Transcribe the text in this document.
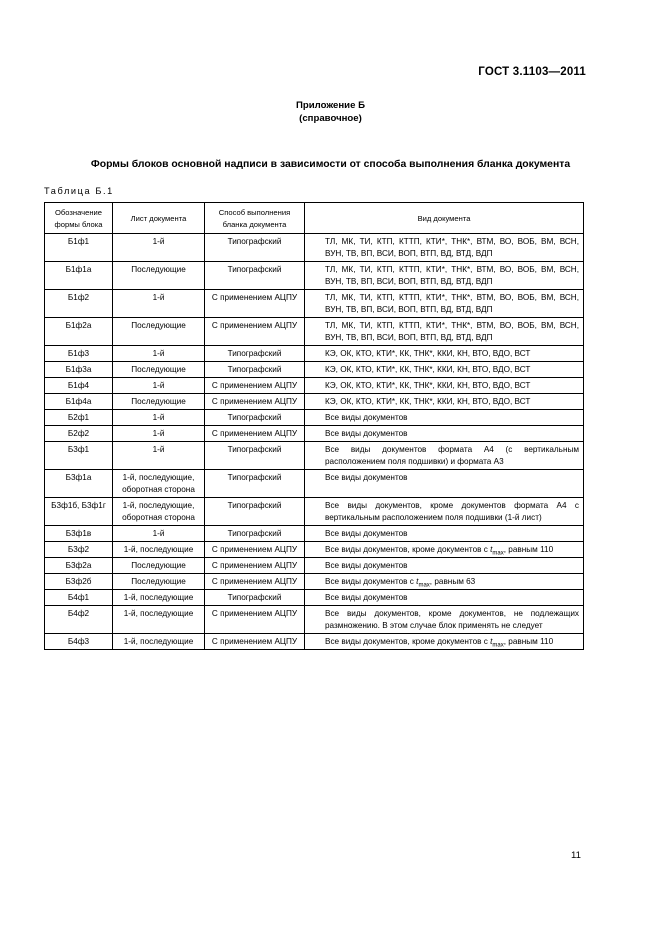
ГОСТ 3.1103—2011
Приложение Б
(справочное)
Формы блоков основной надписи в зависимости от способа выполнения бланка документа
Таблица Б.1
Обозначение формы блока	Лист документа	Способ выполнения бланка документа	Вид документа
Б1ф1	1-й	Типографский	ТЛ, МК, ТИ, КТП, КТТП, КТИ*, ТНК*, ВТМ, ВО, ВОБ, ВМ, ВСН, ВУН, ТВ, ВП, ВСИ, ВОП, ВТП, ВД, ВТД, ВДП
Б1ф1а	Последующие	Типографский	ТЛ, МК, ТИ, КТП, КТТП, КТИ*, ТНК*, ВТМ, ВО, ВОБ, ВМ, ВСН, ВУН, ТВ, ВП, ВСИ, ВОП, ВТП, ВД, ВТД, ВДП
Б1ф2	1-й	С применением АЦПУ	ТЛ, МК, ТИ, КТП, КТТП, КТИ*, ТНК*, ВТМ, ВО, ВОБ, ВМ, ВСН, ВУН, ТВ, ВП, ВСИ, ВОП, ВТП, ВД, ВТД, ВДП
Б1ф2а	Последующие	С применением АЦПУ	ТЛ, МК, ТИ, КТП, КТТП, КТИ*, ТНК*, ВТМ, ВО, ВОБ, ВМ, ВСН, ВУН, ТВ, ВП, ВСИ, ВОП, ВТП, ВД, ВТД, ВДП
Б1ф3	1-й	Типографский	КЭ, ОК, КТО, КТИ*, КК, ТНК*, ККИ, КН, ВТО, ВДО, ВСТ
Б1ф3а	Последующие	Типографский	КЭ, ОК, КТО, КТИ*, КК, ТНК*, ККИ, КН, ВТО, ВДО, ВСТ
Б1ф4	1-й	С применением АЦПУ	КЭ, ОК, КТО, КТИ*, КК, ТНК*, ККИ, КН, ВТО, ВДО, ВСТ
Б1ф4а	Последующие	С применением АЦПУ	КЭ, ОК, КТО, КТИ*, КК, ТНК*, ККИ, КН, ВТО, ВДО, ВСТ
Б2ф1	1-й	Типографский	Все виды документов
Б2ф2	1-й	С применением АЦПУ	Все виды документов
Б3ф1	1-й	Типографский	Все виды документов формата А4 (с вертикальным расположением поля подшивки) и формата А3
Б3ф1а	1-й, последующие, оборотная сторона	Типографский	Все виды документов
Б3ф1б, Б3ф1г	1-й, последующие, оборотная сторона	Типографский	Все виды документов, кроме документов формата А4 с вертикальным расположением поля подшивки (1-й лист)
Б3ф1в	1-й	Типографский	Все виды документов
Б3ф2	1-й, последующие	С применением АЦПУ	Все виды документов, кроме документов с $t_{max}$, равным 110
Б3ф2а	Последующие	С применением АЦПУ	Все виды документов
Б3ф2б	Последующие	С применением АЦПУ	Все виды документов с $t_{max}$, равным 63
Б4ф1	1-й, последующие	Типографский	Все виды документов
Б4ф2	1-й, последующие	С применением АЦПУ	Все виды документов, кроме документов, не подлежащих размножению. В этом случае блок применять не следует
Б4ф3	1-й, последующие	С применением АЦПУ	Все виды документов, кроме документов с $t_{max}$, равным 110
11
